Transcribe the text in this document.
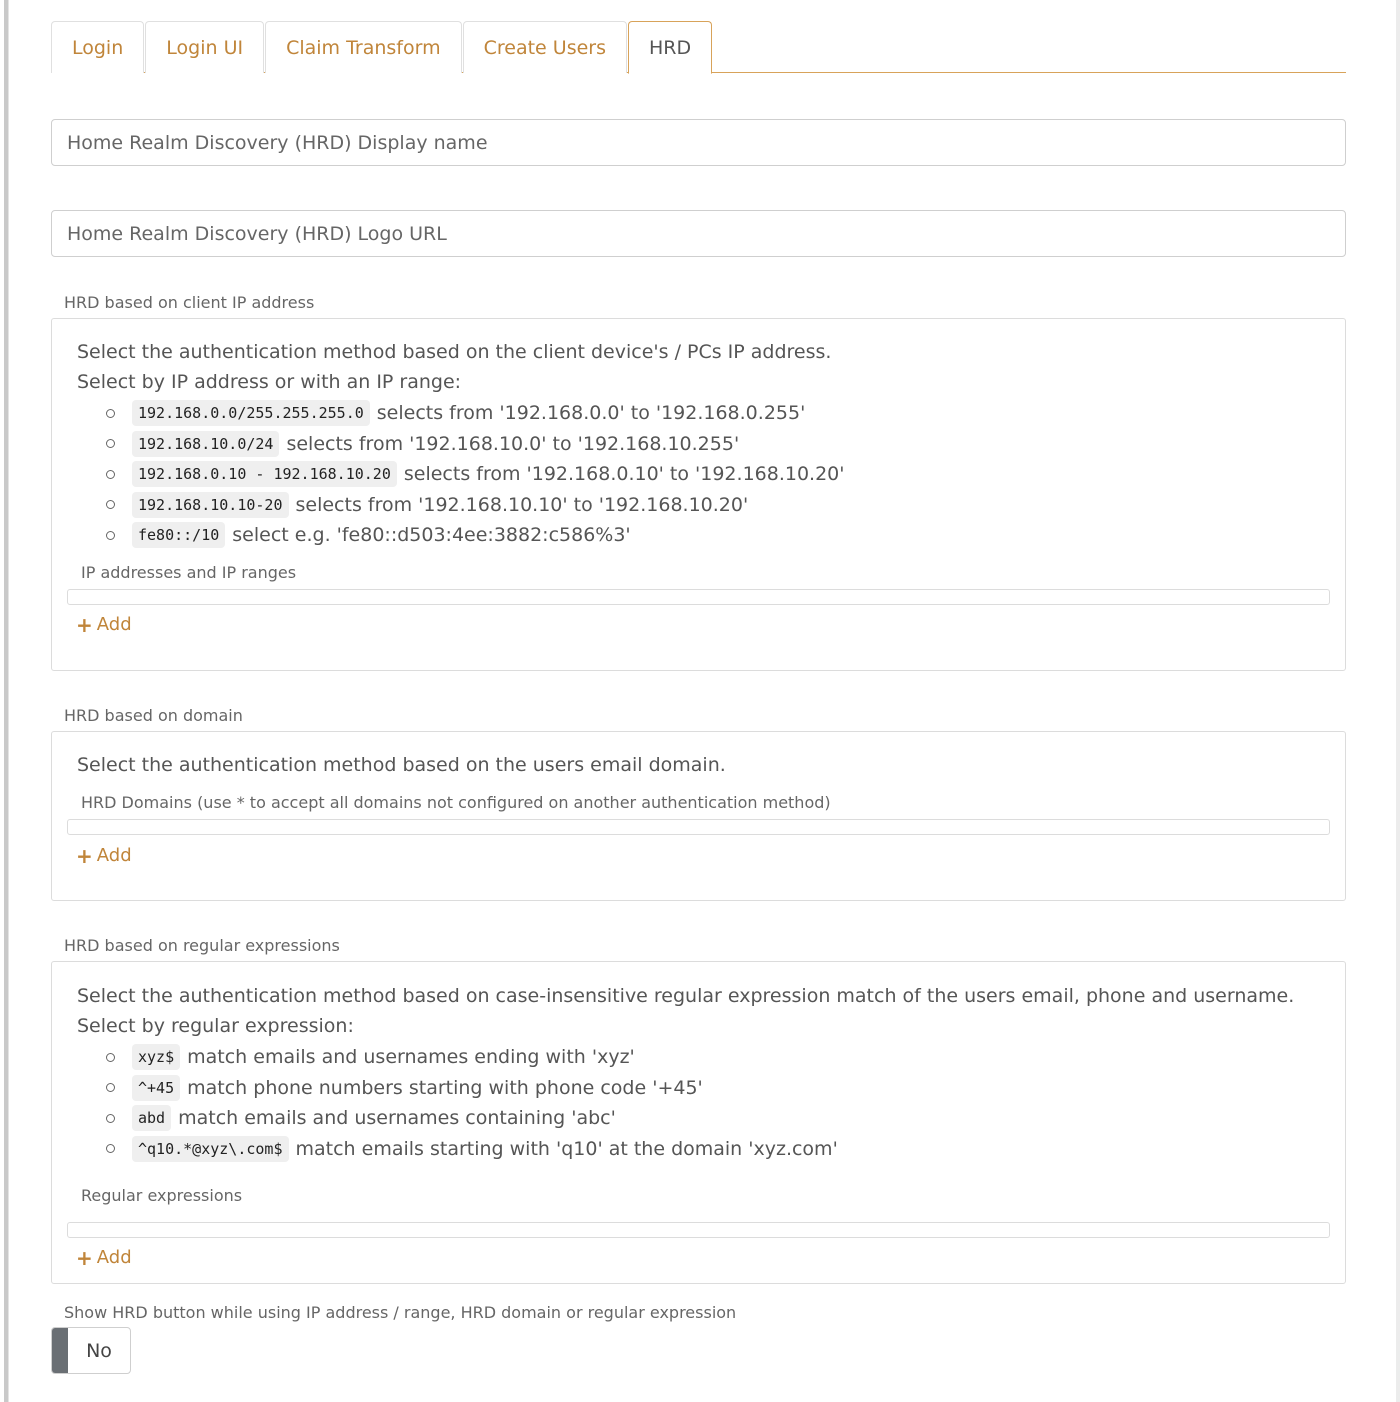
Login	Login UI	Claim Transform	Create Users	HRD
Home Realm Discovery (HRD) Display name
Home Realm Discovery (HRD) Logo URL
HRD based on client IP address
Select the authentication method based on the client device's / PCs IP address.
Select by IP address or with an IP range:
192.168.0.0/255.255.255.0 selects from '192.168.0.0' to '192.168.0.255'
192.168.10.0/24 selects from '192.168.10.0' to '192.168.10.255'
192.168.0.10 - 192.168.10.20 selects from '192.168.0.10' to '192.168.10.20'
192.168.10.10-20 selects from '192.168.10.10' to '192.168.10.20'
fe80::/10 select e.g. 'fe80::d503:4ee:3882:c586%3'
IP addresses and IP ranges
+ Add
HRD based on domain
Select the authentication method based on the users email domain.
HRD Domains (use * to accept all domains not configured on another authentication method)
+ Add
HRD based on regular expressions
Select the authentication method based on case-insensitive regular expression match of the users email, phone and username.
Select by regular expression:
xyz$ match emails and usernames ending with 'xyz'
^+45 match phone numbers starting with phone code '+45'
abd match emails and usernames containing 'abc'
^q10.*@xyz\.com$ match emails starting with 'q10' at the domain 'xyz.com'
Regular expressions
+ Add
Show HRD button while using IP address / range, HRD domain or regular expression
No
